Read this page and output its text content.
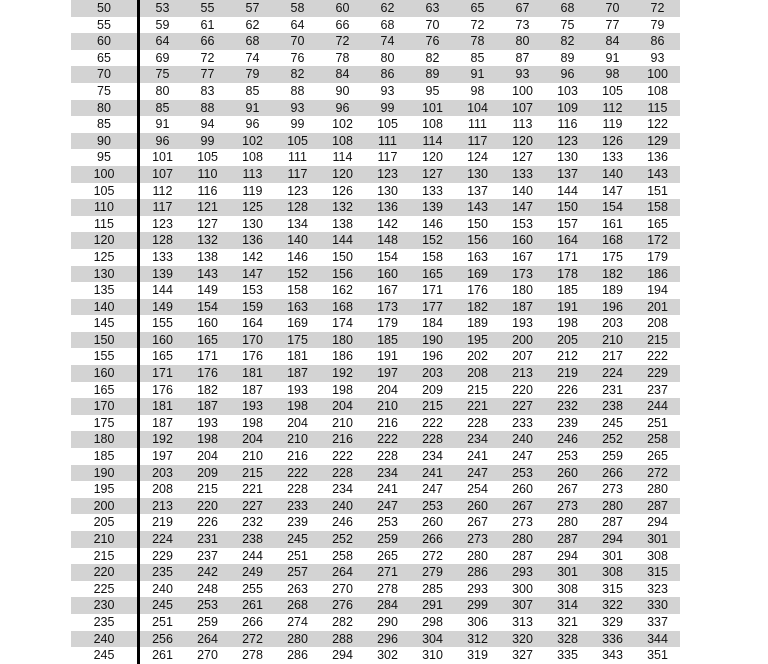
50	53	55	57	58	60	62	63	65	67	68	70	72
55	59	61	62	64	66	68	70	72	73	75	77	79
60	64	66	68	70	72	74	76	78	80	82	84	86
65	69	72	74	76	78	80	82	85	87	89	91	93
70	75	77	79	82	84	86	89	91	93	96	98	100
75	80	83	85	88	90	93	95	98	100	103	105	108
80	85	88	91	93	96	99	101	104	107	109	112	115
85	91	94	96	99	102	105	108	111	113	116	119	122
90	96	99	102	105	108	111	114	117	120	123	126	129
95	101	105	108	111	114	117	120	124	127	130	133	136
100	107	110	113	117	120	123	127	130	133	137	140	143
105	112	116	119	123	126	130	133	137	140	144	147	151
110	117	121	125	128	132	136	139	143	147	150	154	158
115	123	127	130	134	138	142	146	150	153	157	161	165
120	128	132	136	140	144	148	152	156	160	164	168	172
125	133	138	142	146	150	154	158	163	167	171	175	179
130	139	143	147	152	156	160	165	169	173	178	182	186
135	144	149	153	158	162	167	171	176	180	185	189	194
140	149	154	159	163	168	173	177	182	187	191	196	201
145	155	160	164	169	174	179	184	189	193	198	203	208
150	160	165	170	175	180	185	190	195	200	205	210	215
155	165	171	176	181	186	191	196	202	207	212	217	222
160	171	176	181	187	192	197	203	208	213	219	224	229
165	176	182	187	193	198	204	209	215	220	226	231	237
170	181	187	193	198	204	210	215	221	227	232	238	244
175	187	193	198	204	210	216	222	228	233	239	245	251
180	192	198	204	210	216	222	228	234	240	246	252	258
185	197	204	210	216	222	228	234	241	247	253	259	265
190	203	209	215	222	228	234	241	247	253	260	266	272
195	208	215	221	228	234	241	247	254	260	267	273	280
200	213	220	227	233	240	247	253	260	267	273	280	287
205	219	226	232	239	246	253	260	267	273	280	287	294
210	224	231	238	245	252	259	266	273	280	287	294	301
215	229	237	244	251	258	265	272	280	287	294	301	308
220	235	242	249	257	264	271	279	286	293	301	308	315
225	240	248	255	263	270	278	285	293	300	308	315	323
230	245	253	261	268	276	284	291	299	307	314	322	330
235	251	259	266	274	282	290	298	306	313	321	329	337
240	256	264	272	280	288	296	304	312	320	328	336	344
245	261	270	278	286	294	302	310	319	327	335	343	351
